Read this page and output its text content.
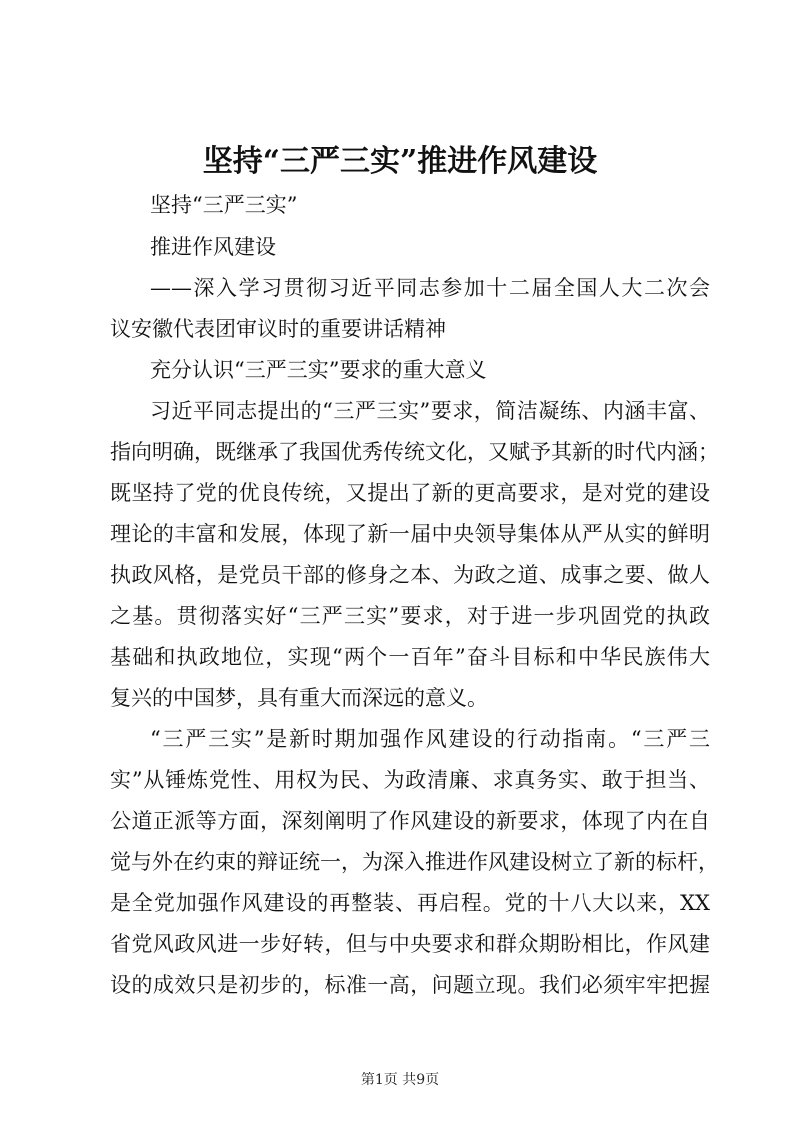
坚持“三严三实”推进作风建设
坚持“三严三实”
推进作风建设
——深入学习贯彻习近平同志参加十二届全国人大二次会
议安徽代表团审议时的重要讲话精神
充分认识“三严三实”要求的重大意义
习近平同志提出的“三严三实”要求，简洁凝练、内涵丰富、
指向明确，既继承了我国优秀传统文化，又赋予其新的时代内涵；
既坚持了党的优良传统，又提出了新的更高要求，是对党的建设
理论的丰富和发展，体现了新一届中央领导集体从严从实的鲜明
执政风格，是党员干部的修身之本、为政之道、成事之要、做人
之基。贯彻落实好“三严三实”要求，对于进一步巩固党的执政
基础和执政地位，实现“两个一百年”奋斗目标和中华民族伟大
复兴的中国梦，具有重大而深远的意义。
“三严三实”是新时期加强作风建设的行动指南。“三严三
实”从锤炼党性、用权为民、为政清廉、求真务实、敢于担当、
公道正派等方面，深刻阐明了作风建设的新要求，体现了内在自
觉与外在约束的辩证统一，为深入推进作风建设树立了新的标杆，
是全党加强作风建设的再整装、再启程。党的十八大以来，XX
省党风政风进一步好转，但与中央要求和群众期盼相比，作风建
设的成效只是初步的，标准一高，问题立现。我们必须牢牢把握
第1页 共9页
